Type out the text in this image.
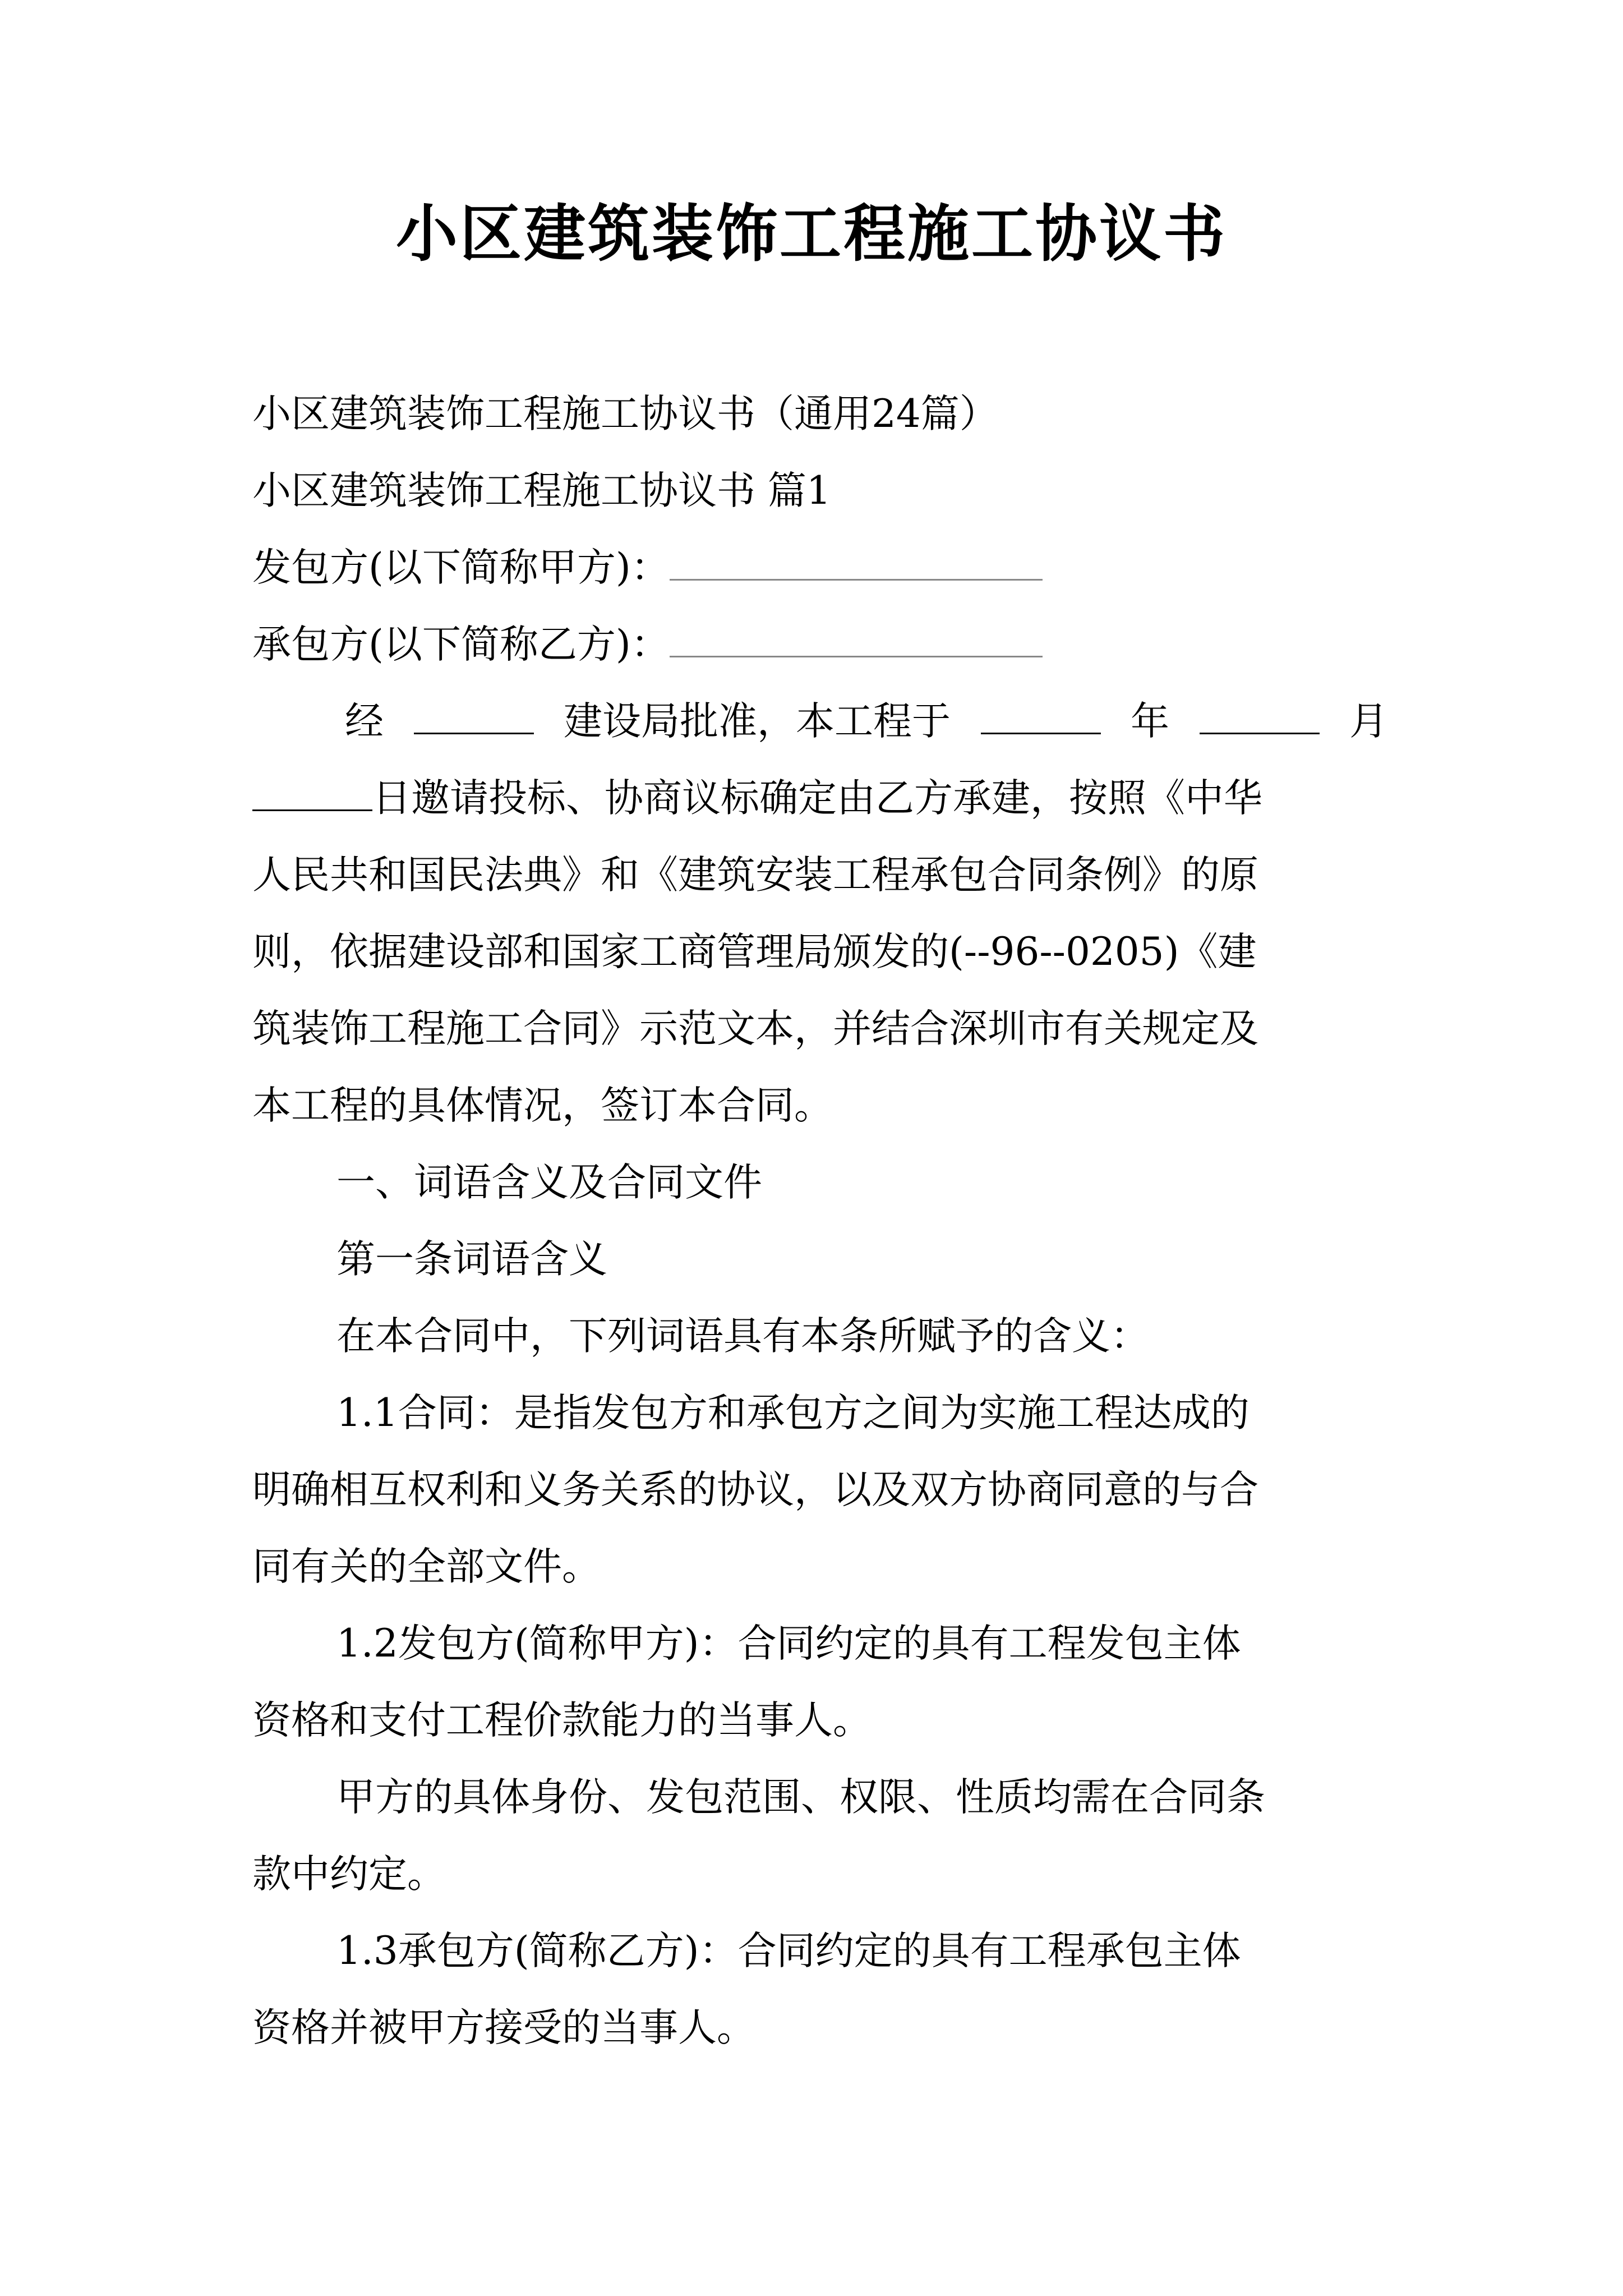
小区建筑装饰工程施工协议书
小区建筑装饰工程施工协议书（通用24篇）
小区建筑装饰工程施工协议书 篇1
发包方(以下简称甲方)：
承包方(以下简称乙方)：
经	建设局批准，本工程于	年	月
日邀请投标、协商议标确定由乙方承建，按照《中华
人民共和国民法典》和《建筑安装工程承包合同条例》的原
则，依据建设部和国家工商管理局颁发的(--96--0205)《建
筑装饰工程施工合同》示范文本，并结合深圳市有关规定及
本工程的具体情况，签订本合同。
一、词语含义及合同文件
第一条词语含义
在本合同中，下列词语具有本条所赋予的含义：
1.1合同：是指发包方和承包方之间为实施工程达成的
明确相互权利和义务关系的协议，以及双方协商同意的与合
同有关的全部文件。
1.2发包方(简称甲方)：合同约定的具有工程发包主体
资格和支付工程价款能力的当事人。
甲方的具体身份、发包范围、权限、性质均需在合同条
款中约定。
1.3承包方(简称乙方)：合同约定的具有工程承包主体
资格并被甲方接受的当事人。
